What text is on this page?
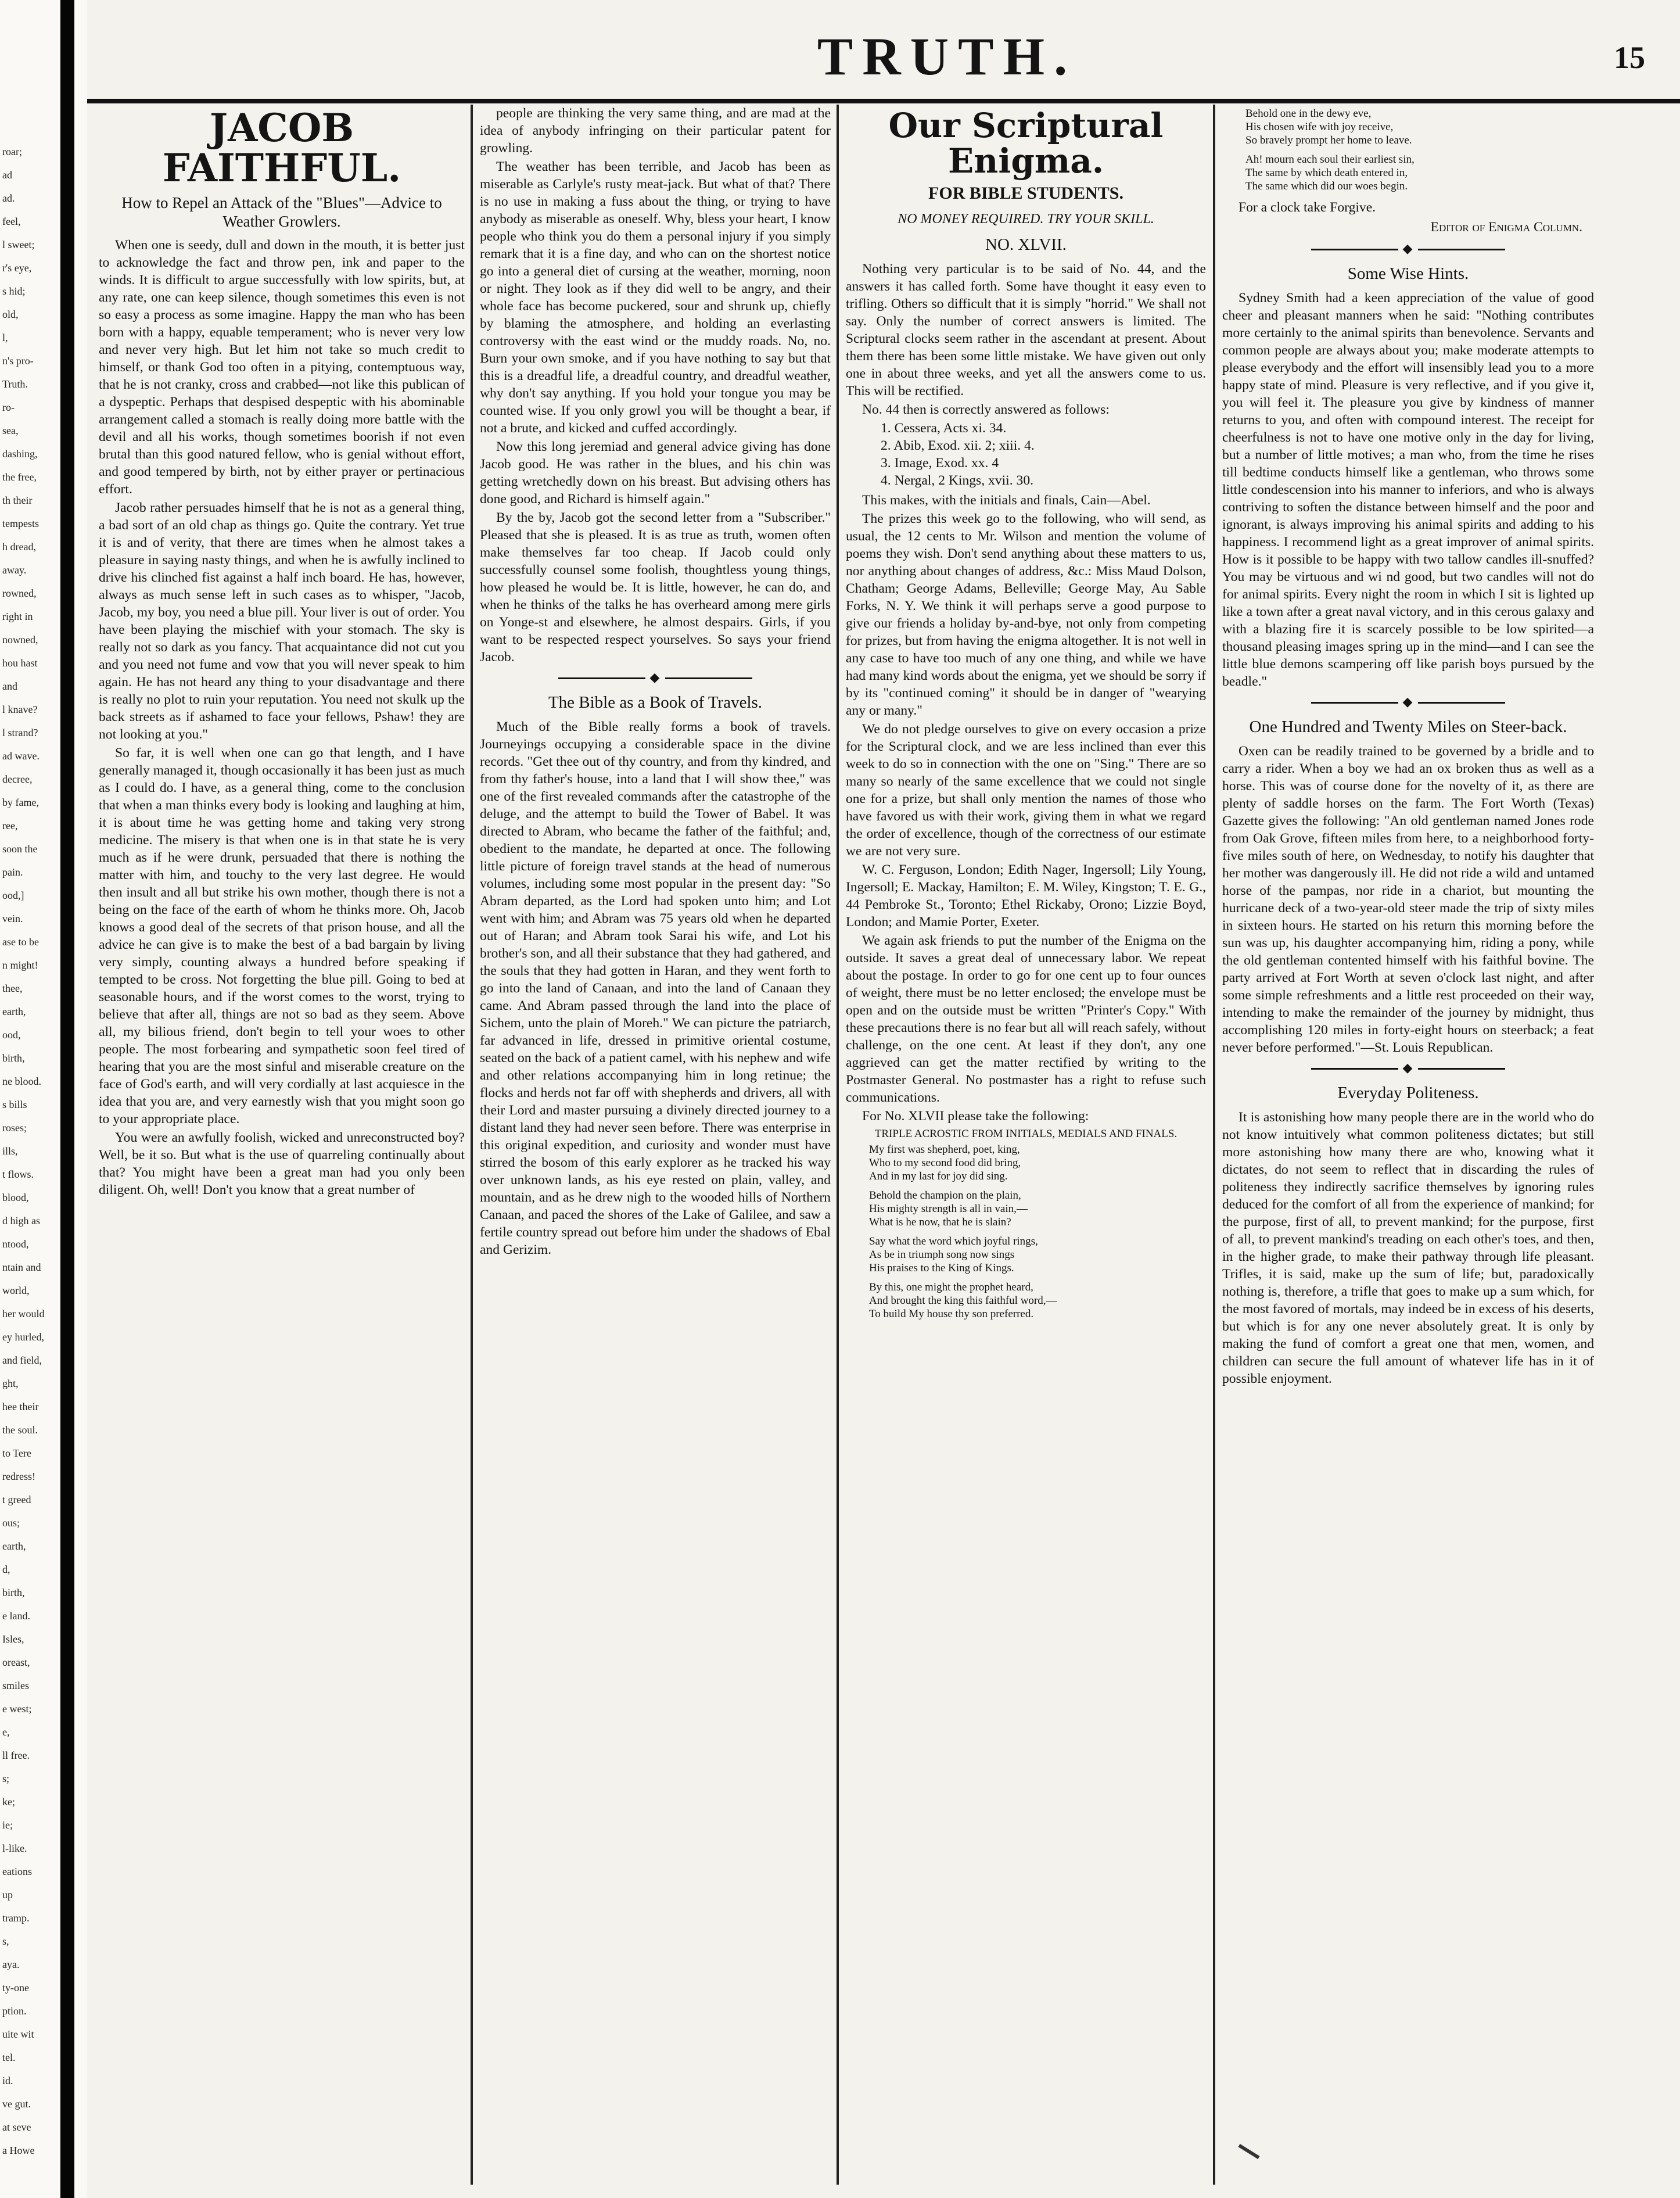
roar;
ad
ad.
feel,
l sweet;
r's eye,
s hid;
old,
l,
n's pro-
Truth.
ro-
sea,
dashing,
the free,
th their
tempests
h dread,
away.
rowned,
right in
nowned,
hou hast
and
l knave?
l strand?
ad wave.
decree,
by fame,
ree,
soon the
pain.
ood,]
vein.
ase to be
n might!
thee,
earth,
ood,
birth,
ne blood.
s bills
roses;
ills,
t flows.
blood,
d high as
ntood,
ntain and
world,
her would
ey hurled,
and field,
ght,
hee their
the soul.
to Tere
redress!
t greed
ous;
earth,
d,
birth,
e land.
Isles,
oreast,
smiles
e west;
e,
ll free.
s;
ke;
ie;
l-like.
eations
up
tramp.
s,
aya.
ty-one
ption.
uite wit
tel.
id.
ve gut.
at seve
a Howe
TRUTH.	15
JACOB FAITHFUL.
How to Repel an Attack of the "Blues"—Advice to Weather Growlers.

When one is seedy, dull and down in the mouth, it is better just to acknowledge the fact and throw pen, ink and paper to the winds. It is difficult to argue successfully with low spirits, but, at any rate, one can keep silence, though sometimes this even is not so easy a process as some imagine. Happy the man who has been born with a happy, equable temperament; who is never very low and never very high. But let him not take so much credit to himself, or thank God too often in a pitying, contemptuous way, that he is not cranky, cross and crabbed—not like this publican of a dyspeptic. Perhaps that despised despeptic with his abominable arrangement called a stomach is really doing more battle with the devil and all his works, though sometimes boorish if not even brutal than this good natured fellow, who is genial without effort, and good tempered by birth, not by either prayer or pertinacious effort.

Jacob rather persuades himself that he is not as a general thing, a bad sort of an old chap as things go. Quite the contrary. Yet true it is and of verity, that there are times when he almost takes a pleasure in saying nasty things, and when he is awfully inclined to drive his clinched fist against a half inch board. He has, however, always as much sense left in such cases as to whisper, "Jacob, Jacob, my boy, you need a blue pill. Your liver is out of order. You have been playing the mischief with your stomach. The sky is really not so dark as you fancy. That acquaintance did not cut you and you need not fume and vow that you will never speak to him again. He has not heard any thing to your disadvantage and there is really no plot to ruin your reputation. You need not skulk up the back streets as if ashamed to face your fellows, Pshaw! they are not looking at you."

So far, it is well when one can go that length, and I have generally managed it, though occasionally it has been just as much as I could do. I have, as a general thing, come to the conclusion that when a man thinks every body is looking and laughing at him, it is about time he was getting home and taking very strong medicine. The misery is that when one is in that state he is very much as if he were drunk, persuaded that there is nothing the matter with him, and touchy to the very last degree. He would then insult and all but strike his own mother, though there is not a being on the face of the earth of whom he thinks more. Oh, Jacob knows a good deal of the secrets of that prison house, and all the advice he can give is to make the best of a bad bargain by living very simply, counting always a hundred before speaking if tempted to be cross. Not forgetting the blue pill. Going to bed at seasonable hours, and if the worst comes to the worst, trying to believe that after all, things are not so bad as they seem. Above all, my bilious friend, don't begin to tell your woes to other people. The most forbearing and sympathetic soon feel tired of hearing that you are the most sinful and miserable creature on the face of God's earth, and will very cordially at last acquiesce in the idea that you are, and very earnestly wish that you might soon go to your appropriate place.

You were an awfully foolish, wicked and unreconstructed boy? Well, be it so. But what is the use of quarreling continually about that? You might have been a great man had you only been diligent. Oh, well! Don't you know that a great number of

people are thinking the very same thing, and are mad at the idea of anybody infringing on their particular patent for growling.

The weather has been terrible, and Jacob has been as miserable as Carlyle's rusty meat-jack. But what of that? There is no use in making a fuss about the thing, or trying to have anybody as miserable as oneself. Why, bless your heart, I know people who think you do them a personal injury if you simply remark that it is a fine day, and who can on the shortest notice go into a general diet of cursing at the weather, morning, noon or night. They look as if they did well to be angry, and their whole face has become puckered, sour and shrunk up, chiefly by blaming the atmosphere, and holding an everlasting controversy with the east wind or the muddy roads. No, no. Burn your own smoke, and if you have nothing to say but that this is a dreadful life, a dreadful country, and dreadful weather, why don't say anything. If you hold your tongue you may be counted wise. If you only growl you will be thought a bear, if not a brute, and kicked and cuffed accordingly.

Now this long jeremiad and general advice giving has done Jacob good. He was rather in the blues, and his chin was getting wretchedly down on his breast. But advising others has done good, and Richard is himself again."

By the by, Jacob got the second letter from a "Subscriber." Pleased that she is pleased. It is as true as truth, women often make themselves far too cheap. If Jacob could only successfully counsel some foolish, thoughtless young things, how pleased he would be. It is little, however, he can do, and when he thinks of the talks he has overheard among mere girls on Yonge-st and elsewhere, he almost despairs. Girls, if you want to be respected respect yourselves. So says your friend Jacob.

◆
The Bible as a Book of Travels.

Much of the Bible really forms a book of travels. Journeyings occupying a considerable space in the divine records. "Get thee out of thy country, and from thy kindred, and from thy father's house, into a land that I will show thee," was one of the first revealed commands after the catastrophe of the deluge, and the attempt to build the Tower of Babel. It was directed to Abram, who became the father of the faithful; and, obedient to the mandate, he departed at once. The following little picture of foreign travel stands at the head of numerous volumes, including some most popular in the present day: "So Abram departed, as the Lord had spoken unto him; and Lot went with him; and Abram was 75 years old when he departed out of Haran; and Abram took Sarai his wife, and Lot his brother's son, and all their substance that they had gathered, and the souls that they had gotten in Haran, and they went forth to go into the land of Canaan, and into the land of Canaan they came. And Abram passed through the land into the place of Sichem, unto the plain of Moreh." We can picture the patriarch, far advanced in life, dressed in primitive oriental costume, seated on the back of a patient camel, with his nephew and wife and other relations accompanying him in long retinue; the flocks and herds not far off with shepherds and drivers, all with their Lord and master pursuing a divinely directed journey to a distant land they had never seen before. There was enterprise in this original expedition, and curiosity and wonder must have stirred the bosom of this early explorer as he tracked his way over unknown lands, as his eye rested on plain, valley, and mountain, and as he drew nigh to the wooded hills of Northern Canaan, and paced the shores of the Lake of Galilee, and saw a fertile country spread out before him under the shadows of Ebal and Gerizim.

Our Scriptural Enigma.
FOR BIBLE STUDENTS.
NO MONEY REQUIRED. TRY YOUR SKILL.
NO. XLVII.

Nothing very particular is to be said of No. 44, and the answers it has called forth. Some have thought it easy even to trifling. Others so difficult that it is simply "horrid." We shall not say. Only the number of correct answers is limited. The Scriptural clocks seem rather in the ascendant at present. About them there has been some little mistake. We have given out only one in about three weeks, and yet all the answers come to us. This will be rectified.

No. 44 then is correctly answered as follows:

1. Cessera, Acts xi. 34.
2. Abib, Exod. xii. 2; xiii. 4.
3. Image, Exod. xx. 4
4. Nergal, 2 Kings, xvii. 30.

This makes, with the initials and finals, Cain—Abel.

The prizes this week go to the following, who will send, as usual, the 12 cents to Mr. Wilson and mention the volume of poems they wish. Don't send anything about these matters to us, nor anything about changes of address, &c.: Miss Maud Dolson, Chatham; George Adams, Belleville; George May, Au Sable Forks, N. Y. We think it will perhaps serve a good purpose to give our friends a holiday by-and-bye, not only from competing for prizes, but from having the enigma altogether. It is not well in any case to have too much of any one thing, and while we have had many kind words about the enigma, yet we should be sorry if by its "continued coming" it should be in danger of "wearying any or many."

We do not pledge ourselves to give on every occasion a prize for the Scriptural clock, and we are less inclined than ever this week to do so in connection with the one on "Sing." There are so many so nearly of the same excellence that we could not single one for a prize, but shall only mention the names of those who have favored us with their work, giving them in what we regard the order of excellence, though of the correctness of our estimate we are not very sure.

W. C. Ferguson, London; Edith Nager, Ingersoll; Lily Young, Ingersoll; E. Mackay, Hamilton; E. M. Wiley, Kingston; T. E. G., 44 Pembroke St., Toronto; Ethel Rickaby, Orono; Lizzie Boyd, London; and Mamie Porter, Exeter.

We again ask friends to put the number of the Enigma on the outside. It saves a great deal of unnecessary labor. We repeat about the postage. In order to go for one cent up to four ounces of weight, there must be no letter enclosed; the envelope must be open and on the outside must be written "Printer's Copy." With these precautions there is no fear but all will reach safely, without challenge, on the one cent. At least if they don't, any one aggrieved can get the matter rectified by writing to the Postmaster General. No postmaster has a right to refuse such communications.

For No. XLVII please take the following:

TRIPLE ACROSTIC FROM INITIALS, MEDIALS AND FINALS.
My first was shepherd, poet, king,
Who to my second food did bring,
And in my last for joy did sing.
Behold the champion on the plain,
His mighty strength is all in vain,—
What is he now, that he is slain?
Say what the word which joyful rings,
As be in triumph song now sings
His praises to the King of Kings.
By this, one might the prophet heard,
And brought the king this faithful word,—
To build My house thy son preferred.
Behold one in the dewy eve,
His chosen wife with joy receive,
So bravely prompt her home to leave.
Ah! mourn each soul their earliest sin,
The same by which death entered in,
The same which did our woes begin.

For a clock take Forgive.

Editor of Enigma Column.
◆
Some Wise Hints.

Sydney Smith had a keen appreciation of the value of good cheer and pleasant manners when he said: "Nothing contributes more certainly to the animal spirits than benevolence. Servants and common people are always about you; make moderate attempts to please everybody and the effort will insensibly lead you to a more happy state of mind. Pleasure is very reflective, and if you give it, you will feel it. The pleasure you give by kindness of manner returns to you, and often with compound interest. The receipt for cheerfulness is not to have one motive only in the day for living, but a number of little motives; a man who, from the time he rises till bedtime conducts himself like a gentleman, who throws some little condescension into his manner to inferiors, and who is always contriving to soften the distance between himself and the poor and ignorant, is always improving his animal spirits and adding to his happiness. I recommend light as a great improver of animal spirits. How is it possible to be happy with two tallow candles ill-snuffed? You may be virtuous and wi nd good, but two candles will not do for animal spirits. Every night the room in which I sit is lighted up like a town after a great naval victory, and in this cerous galaxy and with a blazing fire it is scarcely possible to be low spirited—a thousand pleasing images spring up in the mind—and I can see the little blue demons scampering off like parish boys pursued by the beadle."

◆
One Hundred and Twenty Miles on Steer-back.

Oxen can be readily trained to be governed by a bridle and to carry a rider. When a boy we had an ox broken thus as well as a horse. This was of course done for the novelty of it, as there are plenty of saddle horses on the farm. The Fort Worth (Texas) Gazette gives the following: "An old gentleman named Jones rode from Oak Grove, fifteen miles from here, to a neighborhood forty-five miles south of here, on Wednesday, to notify his daughter that her mother was dangerously ill. He did not ride a wild and untamed horse of the pampas, nor ride in a chariot, but mounting the hurricane deck of a two-year-old steer made the trip of sixty miles in sixteen hours. He started on his return this morning before the sun was up, his daughter accompanying him, riding a pony, while the old gentleman contented himself with his faithful bovine. The party arrived at Fort Worth at seven o'clock last night, and after some simple refreshments and a little rest proceeded on their way, intending to make the remainder of the journey by midnight, thus accomplishing 120 miles in forty-eight hours on steerback; a feat never before performed."—St. Louis Republican.

◆
Everyday Politeness.

It is astonishing how many people there are in the world who do not know intuitively what common politeness dictates; but still more astonishing how many there are who, knowing what it dictates, do not seem to reflect that in discarding the rules of politeness they indirectly sacrifice themselves by ignoring rules deduced for the comfort of all from the experience of mankind; for the purpose, first of all, to prevent mankind; for the purpose, first of all, to prevent mankind's treading on each other's toes, and then, in the higher grade, to make their pathway through life pleasant. Trifles, it is said, make up the sum of life; but, paradoxically nothing is, therefore, a trifle that goes to make up a sum which, for the most favored of mortals, may indeed be in excess of his deserts, but which is for any one never absolutely great. It is only by making the fund of comfort a great one that men, women, and children can secure the full amount of whatever life has in it of possible enjoyment.
